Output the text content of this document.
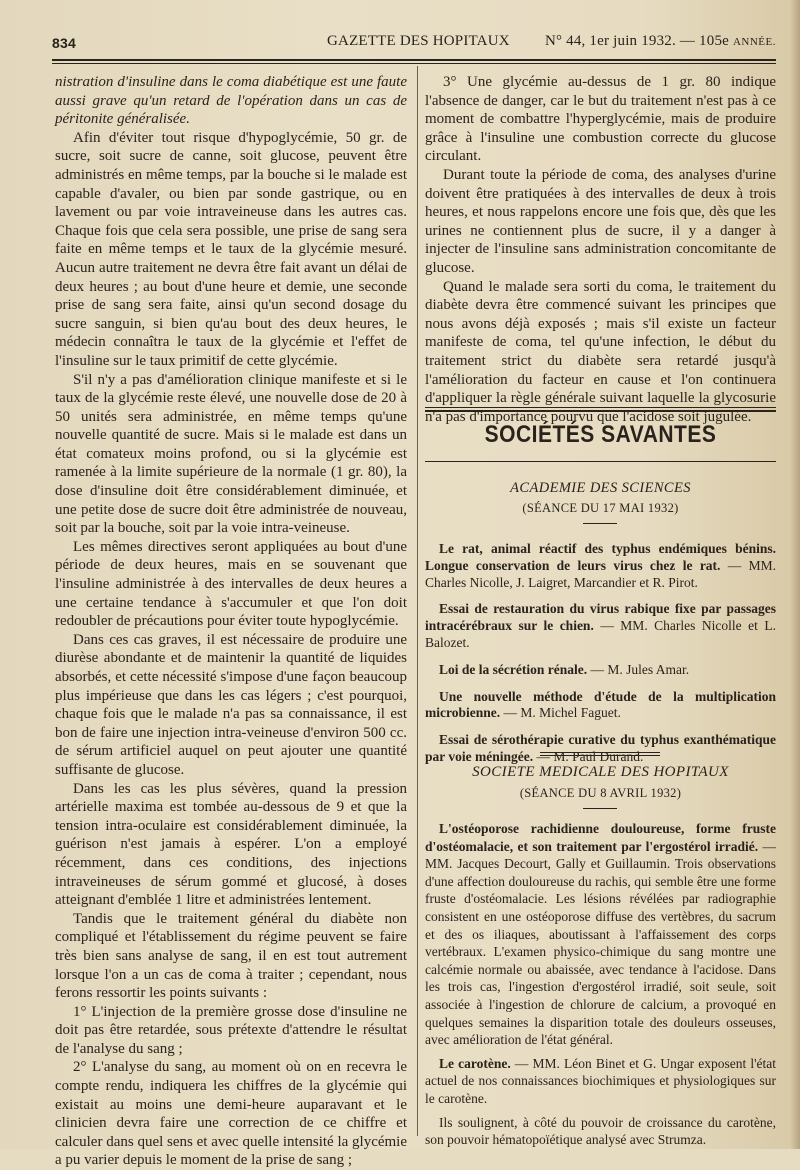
834	GAZETTE DES HOPITAUX N° 44, 1er juin 1932. — 105e ANNÉE.

nistration d'insuline dans le coma diabétique est une faute aussi grave qu'un retard de l'opération dans un cas de péritonite généralisée.

Afin d'éviter tout risque d'hypoglycémie, 50 gr. de sucre, soit sucre de canne, soit glucose, peuvent être administrés en même temps, par la bouche si le malade est capable d'avaler, ou bien par sonde gastrique, ou en lavement ou par voie intraveineuse dans les autres cas. Chaque fois que cela sera possible, une prise de sang sera faite en même temps et le taux de la glycémie mesuré. Aucun autre traitement ne devra être fait avant un délai de deux heures ; au bout d'une heure et demie, une seconde prise de sang sera faite, ainsi qu'un second dosage du sucre sanguin, si bien qu'au bout des deux heures, le médecin connaîtra le taux de la glycémie et l'effet de l'insuline sur le taux primitif de cette glycémie.

S'il n'y a pas d'amélioration clinique manifeste et si le taux de la glycémie reste élevé, une nouvelle dose de 20 à 50 unités sera administrée, en même temps qu'une nouvelle quantité de sucre. Mais si le malade est dans un état comateux moins profond, ou si la glycémie est ramenée à la limite supérieure de la normale (1 gr. 80), la dose d'insuline doit être considérablement diminuée, et une petite dose de sucre doit être administrée de nouveau, soit par la bouche, soit par la voie intra-veineuse.

Les mêmes directives seront appliquées au bout d'une période de deux heures, mais en se souvenant que l'insuline administrée à des intervalles de deux heures a une certaine tendance à s'accumuler et que l'on doit redoubler de précautions pour éviter toute hypoglycémie.

Dans ces cas graves, il est nécessaire de produire une diurèse abondante et de maintenir la quantité de liquides absorbés, et cette nécessité s'impose d'une façon beaucoup plus impérieuse que dans les cas légers ; c'est pourquoi, chaque fois que le malade n'a pas sa connaissance, il est bon de faire une injection intra-veineuse d'environ 500 cc. de sérum artificiel auquel on peut ajouter une quantité suffisante de glucose.

Dans les cas les plus sévères, quand la pression artérielle maxima est tombée au-dessous de 9 et que la tension intra-oculaire est considérablement diminuée, la guérison n'est jamais à espérer. L'on a employé récemment, dans ces conditions, des injections intraveineuses de sérum gommé et glucosé, à doses atteignant d'emblée 1 litre et administrées lentement.

Tandis que le traitement général du diabète non compliqué et l'établissement du régime peuvent se faire très bien sans analyse de sang, il en est tout autrement lorsque l'on a un cas de coma à traiter ; cependant, nous ferons ressortir les points suivants :

1° L'injection de la première grosse dose d'insuline ne doit pas être retardée, sous prétexte d'attendre le résultat de l'analyse du sang ;

2° L'analyse du sang, au moment où on en recevra le compte rendu, indiquera les chiffres de la glycémie qui existait au moins une demi-heure auparavant et le clinicien devra faire une correction de ce chiffre et calculer dans quel sens et avec quelle intensité la glycémie a pu varier depuis le moment de la prise de sang ;

3° Une glycémie au-dessus de 1 gr. 80 indique l'absence de danger, car le but du traitement n'est pas à ce moment de combattre l'hyperglycémie, mais de produire grâce à l'insuline une combustion correcte du glucose circulant.

Durant toute la période de coma, des analyses d'urine doivent être pratiquées à des intervalles de deux à trois heures, et nous rappelons encore une fois que, dès que les urines ne contiennent plus de sucre, il y a danger à injecter de l'insuline sans administration concomitante de glucose.

Quand le malade sera sorti du coma, le traitement du diabète devra être commencé suivant les principes que nous avons déjà exposés ; mais s'il existe un facteur manifeste de coma, tel qu'une infection, le début du traitement strict du diabète sera retardé jusqu'à l'amélioration du facteur en cause et l'on continuera d'appliquer la règle générale suivant laquelle la glycosurie n'a pas d'importance pourvu que l'acidose soit jugulée.

SOCIÉTÉS SAVANTES
ACADEMIE DES SCIENCES
(SÉANCE DU 17 MAI 1932)

Le rat, animal réactif des typhus endémiques bénins. Longue conservation de leurs virus chez le rat. — MM. Charles Nicolle, J. Laigret, Marcandier et R. Pirot.

Essai de restauration du virus rabique fixe par passages intracérébraux sur le chien. — MM. Charles Nicolle et L. Balozet.

Loi de la sécrétion rénale. — M. Jules Amar.

Une nouvelle méthode d'étude de la multiplication microbienne. — M. Michel Faguet.

Essai de sérothérapie curative du typhus exanthématique par voie méningée. — M. Paul Durand.

SOCIETE MEDICALE DES HOPITAUX
(SÉANCE DU 8 AVRIL 1932)

L'ostéoporose rachidienne douloureuse, forme fruste d'ostéomalacie, et son traitement par l'ergostérol irradié. — MM. Jacques Decourt, Gally et Guillaumin. Trois observations d'une affection douloureuse du rachis, qui semble être une forme fruste d'ostéomalacie. Les lésions révélées par radiographie consistent en une ostéoporose diffuse des vertèbres, du sacrum et des os iliaques, aboutissant à l'affaissement des corps vertébraux. L'examen physico-chimique du sang montre une calcémie normale ou abaissée, avec tendance à l'acidose. Dans les trois cas, l'ingestion d'ergostérol irradié, soit seule, soit associée à l'ingestion de chlorure de calcium, a provoqué en quelques semaines la disparition totale des douleurs osseuses, avec amélioration de l'état général.

Le carotène. — MM. Léon Binet et G. Ungar exposent l'état actuel de nos connaissances biochimiques et physiologiques sur le carotène.

Ils soulignent, à côté du pouvoir de croissance du carotène, son pouvoir hématopoïétique analysé avec Strumza.
